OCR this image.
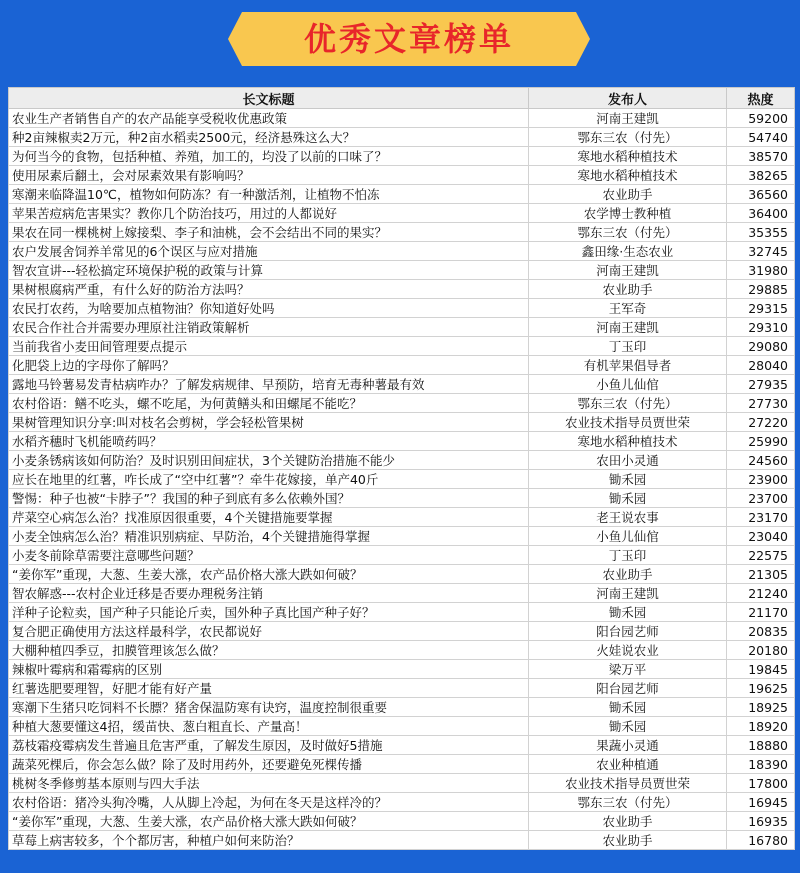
优秀文章榜单
长文标题	发布人	热度
农业生产者销售自产的农产品能享受税收优惠政策	河南王建凯	59200
种2亩辣椒卖2万元，种2亩水稻卖2500元，经济悬殊这么大？	鄂东三农（付先）	54740
为何当今的食物，包括种植、养殖，加工的，均没了以前的口味了？	寒地水稻种植技术	38570
使用尿素后翻土，会对尿素效果有影响吗？	寒地水稻种植技术	38265
寒潮来临降温10℃，植物如何防冻？有一种激活剂，让植物不怕冻	农业助手	36560
苹果苦痘病危害果实？教你几个防治技巧，用过的人都说好	农学博士教种植	36400
果农在同一棵桃树上嫁接梨、李子和油桃，会不会结出不同的果实？	鄂东三农（付先）	35355
农户发展舍饲养羊常见的6个误区与应对措施	鑫田缘·生态农业	32745
智农宣讲---轻松搞定环境保护税的政策与计算	河南王建凯	31980
果树根腐病严重，有什么好的防治方法吗？	农业助手	29885
农民打农药，为啥要加点植物油？你知道好处吗	王军奇	29315
农民合作社合并需要办理原社注销政策解析	河南王建凯	29310
当前我省小麦田间管理要点提示	丁玉印	29080
化肥袋上边的字母你了解吗？	有机苹果倡导者	28040
露地马铃薯易发青枯病咋办？了解发病规律、早预防，培育无毒种薯最有效	小鱼儿仙倌	27935
农村俗语：鳝不吃头，螺不吃尾，为何黄鳝头和田螺尾不能吃？	鄂东三农（付先）	27730
果树管理知识分享:叫对枝名会剪树，学会轻松管果树	农业技术指导员贾世荣	27220
水稻齐穗时飞机能喷药吗？	寒地水稻种植技术	25990
小麦条锈病该如何防治？及时识别田间症状，3个关键防治措施不能少	农田小灵通	24560
应长在地里的红薯，咋长成了“空中红薯”？牵牛花嫁接，单产40斤	锄禾园	23900
警惕：种子也被“卡脖子”？我国的种子到底有多么依赖外国？	锄禾园	23700
芹菜空心病怎么治？找准原因很重要，4个关键措施要掌握	老王说农事	23170
小麦全蚀病怎么治？精准识别病症、早防治，4个关键措施得掌握	小鱼儿仙倌	23040
小麦冬前除草需要注意哪些问题？	丁玉印	22575
“姜你军”重现，大葱、生姜大涨，农产品价格大涨大跌如何破？	农业助手	21305
智农解惑---农村企业迁移是否要办理税务注销	河南王建凯	21240
洋种子论粒卖，国产种子只能论斤卖，国外种子真比国产种子好？	锄禾园	21170
复合肥正确使用方法这样最科学，农民都说好	阳台园艺师	20835
大棚种植四季豆，扣膜管理该怎么做？	火娃说农业	20180
辣椒叶霉病和霜霉病的区别	梁万平	19845
红薯选肥要理智，好肥才能有好产量	阳台园艺师	19625
寒潮下生猪只吃饲料不长膘？猪舍保温防寒有诀窍，温度控制很重要	锄禾园	18925
种植大葱要懂这4招，缓苗快、葱白粗直长、产量高！	锄禾园	18920
荔枝霜疫霉病发生普遍且危害严重，了解发生原因，及时做好5措施	果蔬小灵通	18880
蔬菜死棵后，你会怎么做？除了及时用药外，还要避免死棵传播	农业种植通	18390
桃树冬季修剪基本原则与四大手法	农业技术指导员贾世荣	17800
农村俗语：猪冷头狗冷嘴，人从脚上冷起，为何在冬天是这样冷的？	鄂东三农（付先）	16945
“姜你军”重现，大葱、生姜大涨，农产品价格大涨大跌如何破？	农业助手	16935
草莓上病害较多，个个都厉害，种植户如何来防治？	农业助手	16780
